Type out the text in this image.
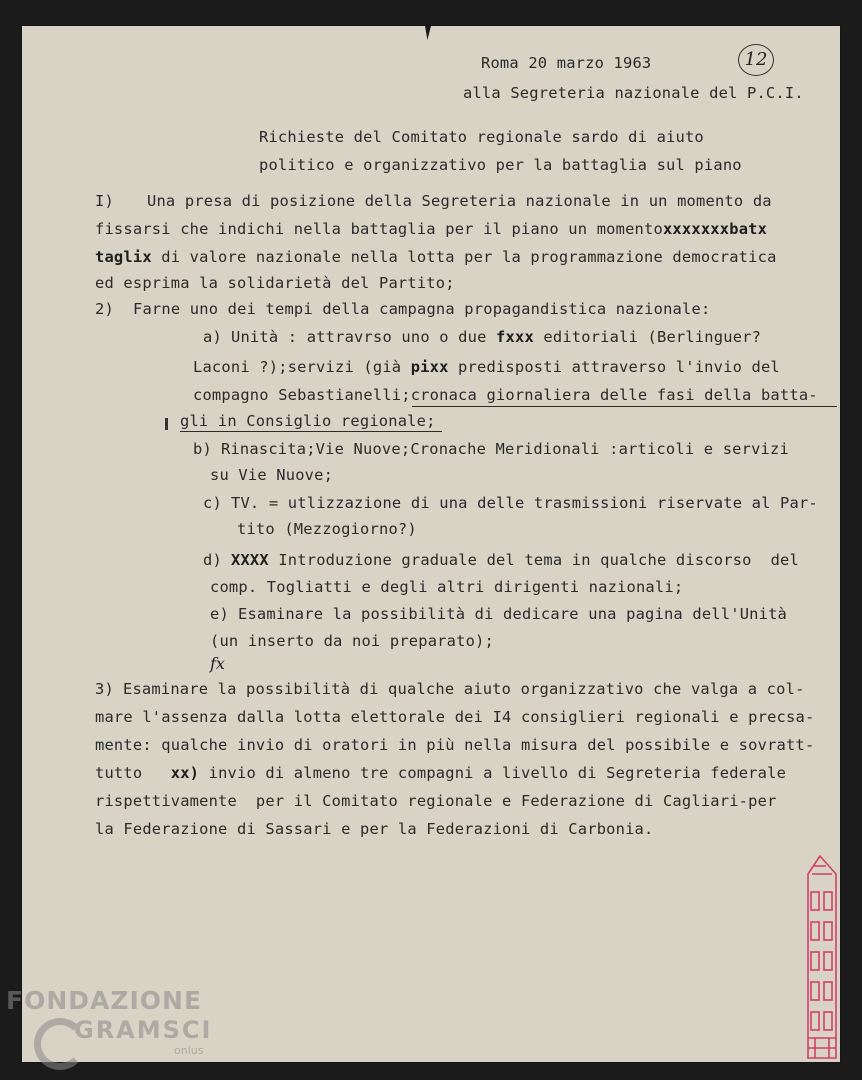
12

Roma 20 marzo 1963

alla Segreteria nazionale del P.C.I.

Richieste del Comitato regionale sardo di aiuto

politico e organizzativo per la battaglia sul piano

I) Una presa di posizione della Segreteria nazionale in un momento da

fissarsi che indichi nella battaglia per il piano un momentoxxxxxxxbatx

taglix di valore nazionale nella lotta per la programmazione democratica

ed esprima la solidarietà del Partito;

2) Farne uno dei tempi della campagna propagandistica nazionale:

a) Unità : attravrso uno o due fxxx editoriali (Berlinguer?

Laconi ?);servizi (già pixx predisposti attraverso l'invio del

compagno Sebastianelli;cronaca giornaliera delle fasi della batta-

gli in Consiglio regionale;

b) Rinascita;Vie Nuove;Cronache Meridionali :articoli e servizi

su Vie Nuove;

c) TV. = utlizzazione di una delle trasmissioni riservate al Par-

tito (Mezzogiorno?)

d) XXXX Introduzione graduale del tema in qualche discorso  del

comp. Togliatti e degli altri dirigenti nazionali;

e) Esaminare la possibilità di dedicare una pagina dell'Unità

(un inserto da noi preparato);

fx

3) Esaminare la possibilità di qualche aiuto organizzativo che valga a col-

mare l'assenza dalla lotta elettorale dei I4 consiglieri regionali e precsa-

mente: qualche invio di oratori in più nella misura del possibile e sovratt-

tutto   xx) invio di almeno tre compagni a livello di Segreteria federale

rispettivamente  per il Comitato regionale e Federazione di Cagliari-per

la Federazione di Sassari e per la Federazioni di Carbonia.

FONDAZIONE

GRAMSCI

onlus
